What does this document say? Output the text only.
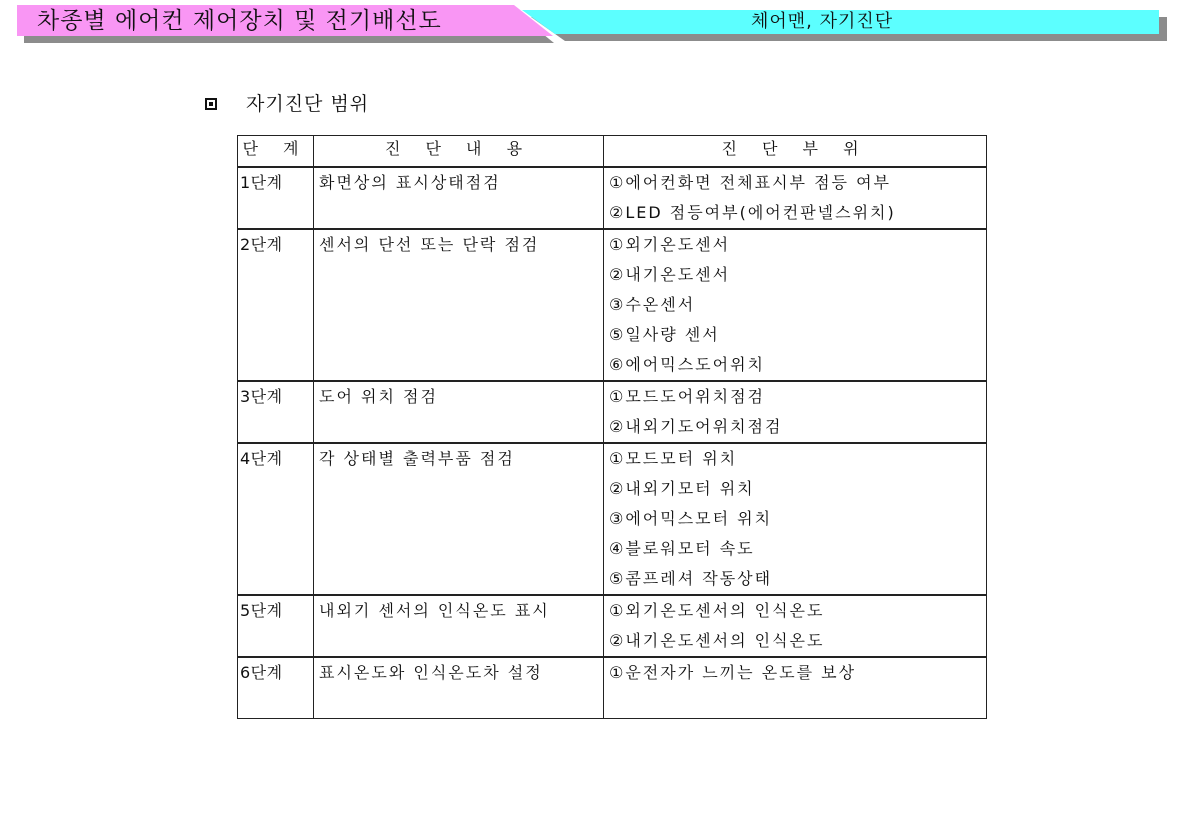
차종별 에어컨 제어장치 및 전기배선도	체어맨, 자기진단
자기진단 범위
단 계	진 단 내 용	진 단 부 위

1단계	화면상의 표시상태점검	①에어컨화면 전체표시부 점등 여부
②LED 점등여부(에어컨판넬스위치)

2단계	센서의 단선 또는 단락 점검	①외기온도센서
②내기온도센서
③수온센서
⑤일사량 센서
⑥에어믹스도어위치

3단계	도어 위치 점검	①모드도어위치점검
②내외기도어위치점검

4단계	각 상태별 출력부품 점검	①모드모터 위치
②내외기모터 위치
③에어믹스모터 위치
④블로워모터 속도
⑤콤프레셔 작동상태

5단계	내외기 센서의 인식온도 표시	①외기온도센서의 인식온도
②내기온도센서의 인식온도

6단계	표시온도와 인식온도차 설정	①운전자가 느끼는 온도를 보상
